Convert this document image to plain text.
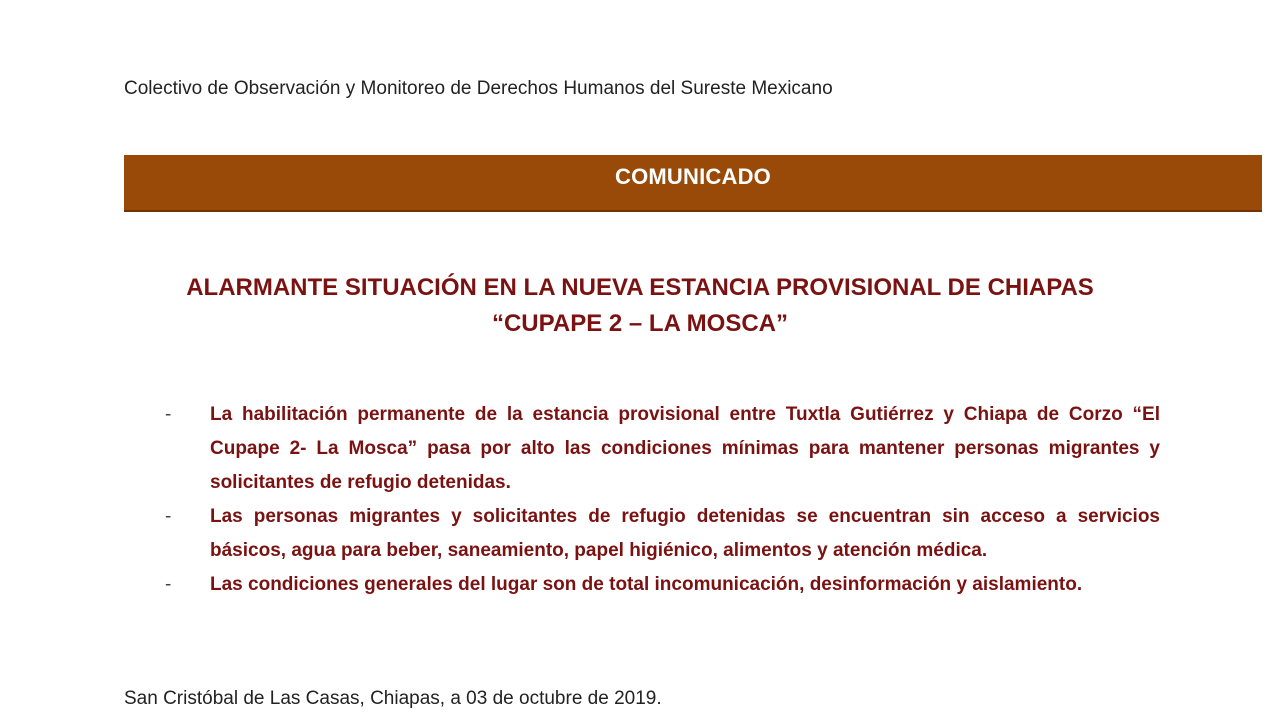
Colectivo de Observación y Monitoreo de Derechos Humanos del Sureste Mexicano
COMUNICADO
ALARMANTE SITUACIÓN EN LA NUEVA ESTANCIA PROVISIONAL DE CHIAPAS
“CUPAPE 2 – LA MOSCA”
- La habilitación permanente de la estancia provisional entre Tuxtla Gutiérrez y Chiapa de Corzo “El Cupape 2- La Mosca” pasa por alto las condiciones mínimas para mantener personas migrantes y solicitantes de refugio detenidas.
- Las personas migrantes y solicitantes de refugio detenidas se encuentran sin acceso a servicios básicos, agua para beber, saneamiento, papel higiénico, alimentos y atención médica.
- Las condiciones generales del lugar son de total incomunicación, desinformación y aislamiento.
San Cristóbal de Las Casas, Chiapas, a 03 de octubre de 2019.
